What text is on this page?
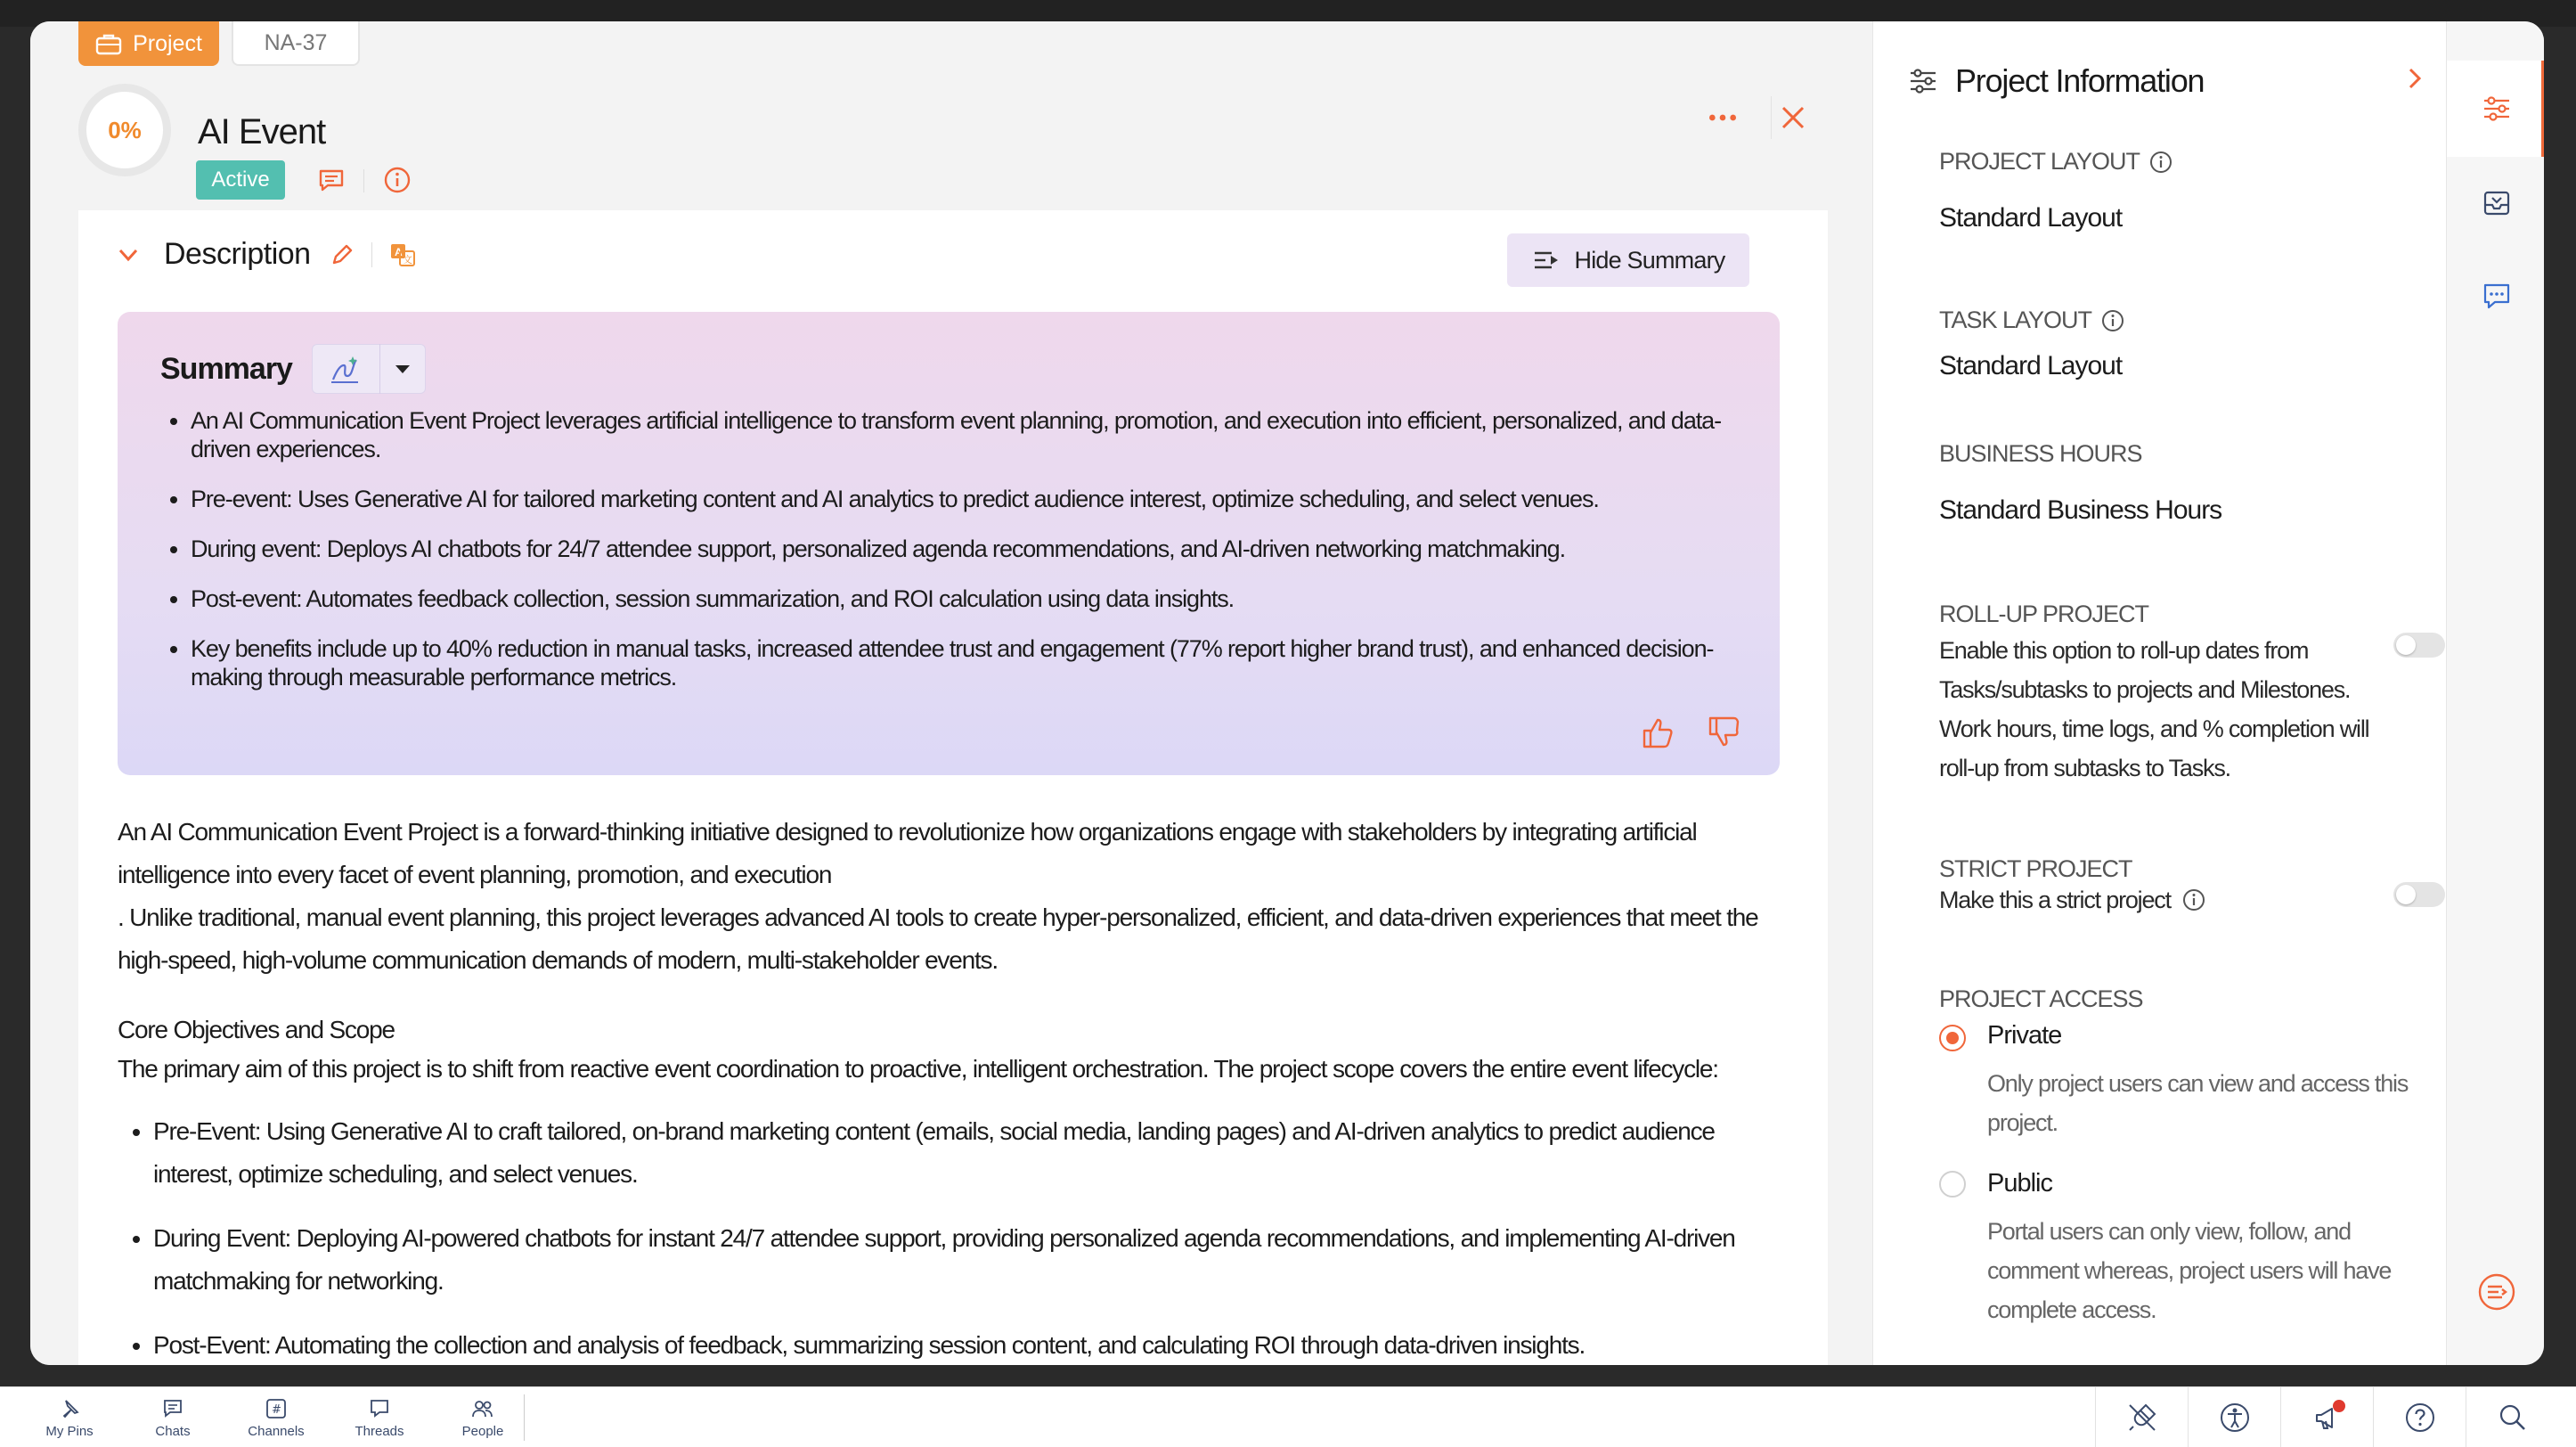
Project	NA-37
0%	AI Event
Active
Description	A
文	Hide Summary
Summary
• An AI Communication Event Project leverages artificial intelligence to transform event planning, promotion, and execution into efficient, personalized, and data-driven experiences.
• Pre-event: Uses Generative AI for tailored marketing content and AI analytics to predict audience interest, optimize scheduling, and select venues.
• During event: Deploys AI chatbots for 24/7 attendee support, personalized agenda recommendations, and AI-driven networking matchmaking.
• Post-event: Automates feedback collection, session summarization, and ROI calculation using data insights.
• Key benefits include up to 40% reduction in manual tasks, increased attendee trust and engagement (77% report higher brand trust), and enhanced decision-making through measurable performance metrics.

An AI Communication Event Project is a forward-thinking initiative designed to revolutionize how organizations engage with stakeholders by integrating artificial intelligence into every facet of event planning, promotion, and execution

. Unlike traditional, manual event planning, this project leverages advanced AI tools to create hyper-personalized, efficient, and data-driven experiences that meet the high-speed, high-volume communication demands of modern, multi-stakeholder events.

Core Objectives and Scope

The primary aim of this project is to shift from reactive event coordination to proactive, intelligent orchestration. The project scope covers the entire event lifecycle:

• Pre-Event: Using Generative AI to craft tailored, on-brand marketing content (emails, social media, landing pages) and AI-driven analytics to predict audience interest, optimize scheduling, and select venues.
• During Event: Deploying AI-powered chatbots for instant 24/7 attendee support, providing personalized agenda recommendations, and implementing AI-driven matchmaking for networking.
• Post-Event: Automating the collection and analysis of feedback, summarizing session content, and calculating ROI through data-driven insights.
Project Information
PROJECT LAYOUT
Standard Layout
TASK LAYOUT
Standard Layout
BUSINESS HOURS
Standard Business Hours
ROLL-UP PROJECT
Enable this option to roll-up dates from Tasks/subtasks to projects and Milestones. Work hours, time logs, and % completion will roll-up from subtasks to Tasks.
STRICT PROJECT
Make this a strict project
PROJECT ACCESS
Private
Only project users can view and access this project.
Public
Portal users can only view, follow, and comment whereas, project users will have complete access.
My Pins	Chats
#
Channels	Threads	People
